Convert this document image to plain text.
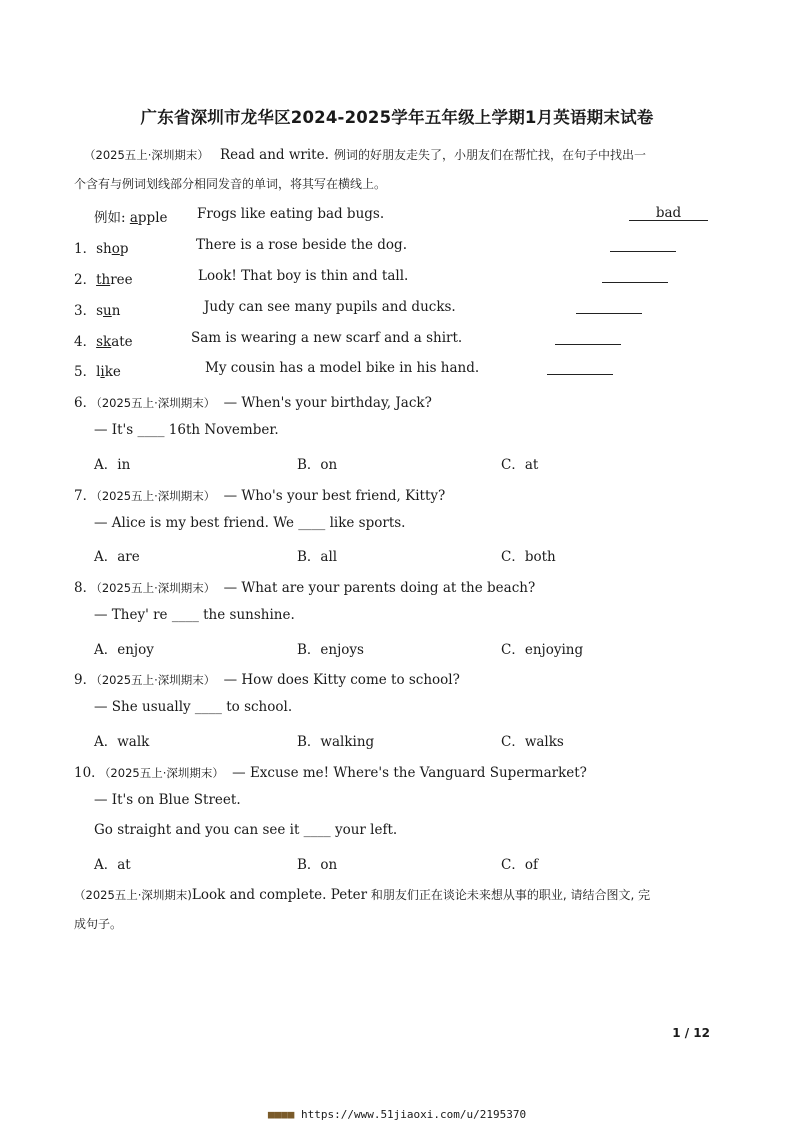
广东省深圳市龙华区2024-2025学年五年级上学期1月英语期末试卷
（2025五上·深圳期末） Read and write. 例词的好朋友走失了，小朋友们在帮忙找，在句子中找出一
个含有与例词划线部分相同发音的单词，将其写在横线上。
例如: apple Frogs like eating bad bugs.	bad
1．shop	There is a rose beside the dog.
2．three	Look! That boy is thin and tall.
3．sun	Judy can see many pupils and ducks.
4．skate	Sam is wearing a new scarf and a shirt.
5．like	My cousin has a model bike in his hand.
6．（2025五上·深圳期末） — When's your birthday, Jack?
— It's ____ 16th November.
A．in	B．on	C．at
7．（2025五上·深圳期末） — Who's your best friend, Kitty?
— Alice is my best friend. We ____ like sports.
A．are	B．all	C．both
8．（2025五上·深圳期末） — What are your parents doing at the beach?
— They' re ____ the sunshine.
A．enjoy	B．enjoys	C．enjoying
9．（2025五上·深圳期末） — How does Kitty come to school?
— She usually ____ to school.
A．walk	B．walking	C．walks
10．（2025五上·深圳期末） — Excuse me! Where's the Vanguard Supermarket?
— It's on Blue Street.
Go straight and you can see it ____ your left.
A．at	B．on	C．of
（2025五上·深圳期末)Look and complete. Peter 和朋友们正在谈论未来想从事的职业, 请结合图文, 完
成句子。
1 / 12
■■■■ https://www.51jiaoxi.com/u/2195370
